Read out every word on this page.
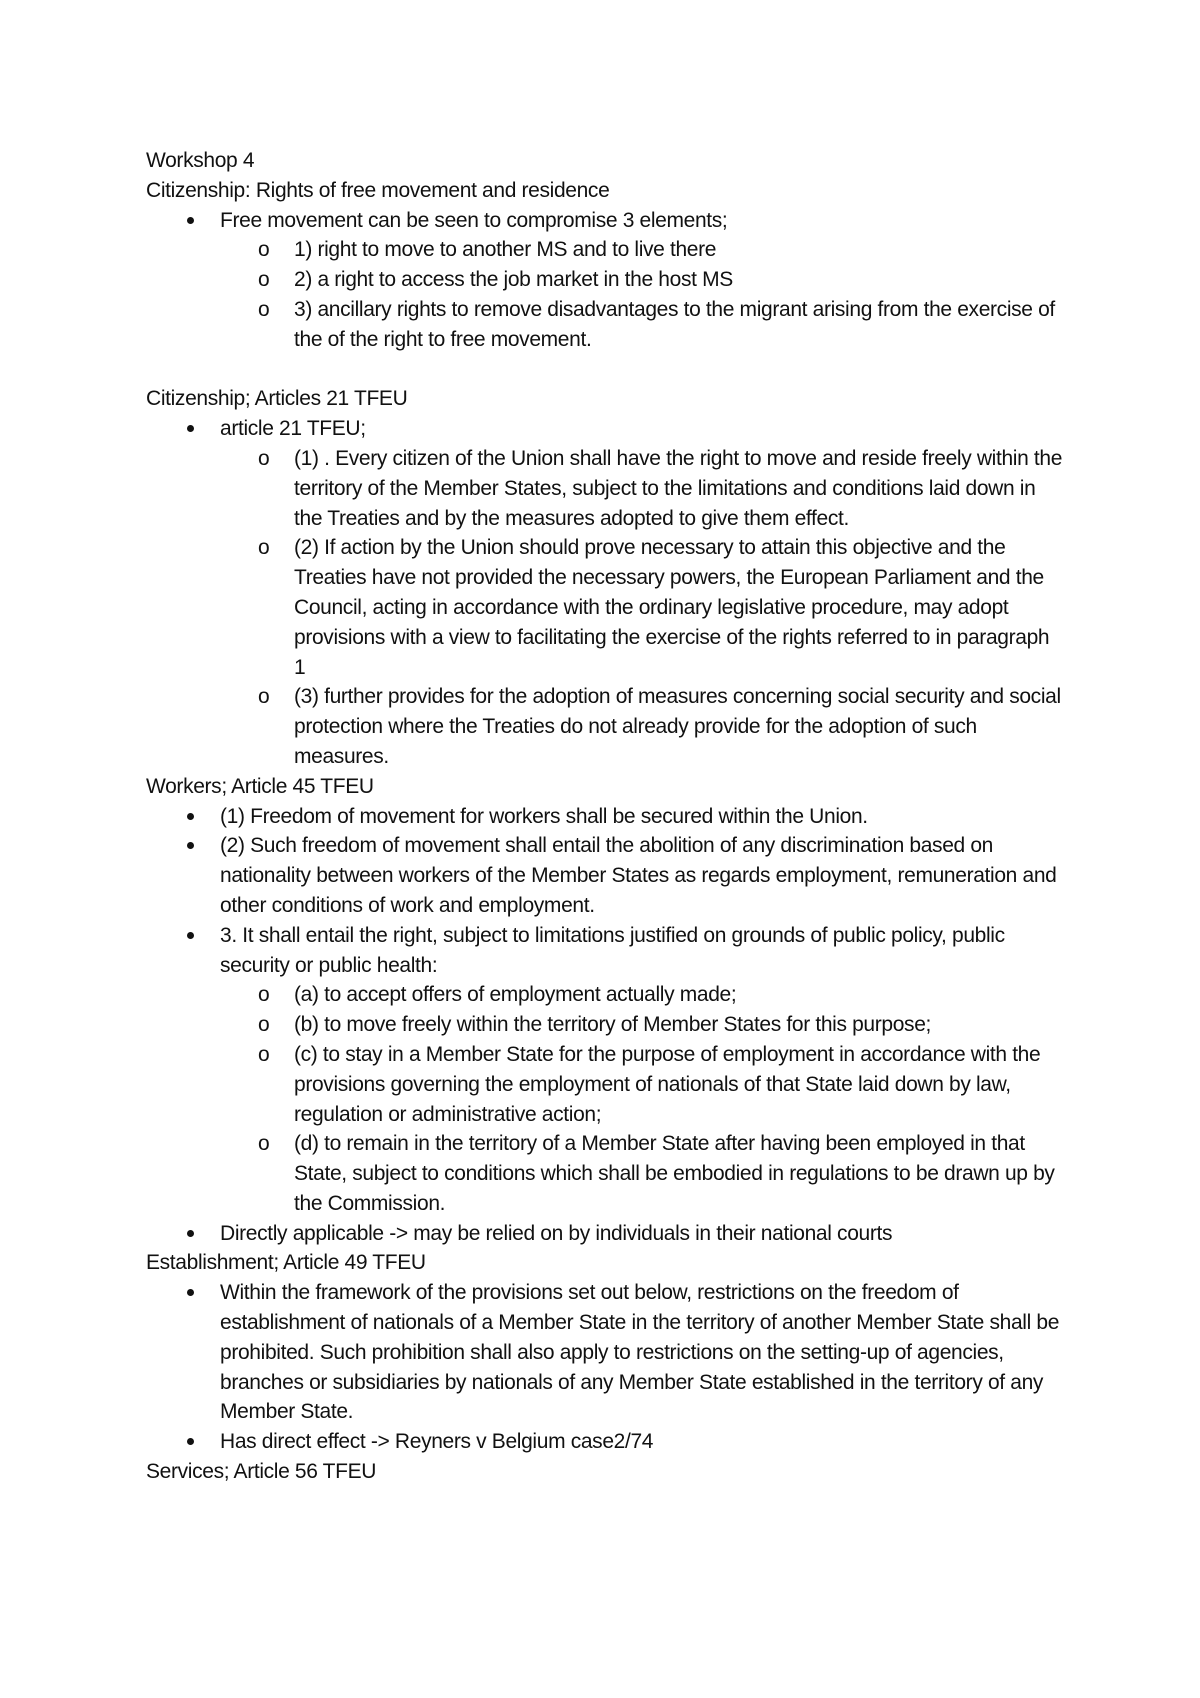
Workshop 4

Citizenship: Rights of free movement and residence

Free movement can be seen to compromise 3 elements;
o 1) right to move to another MS and to live there
o 2) a right to access the job market in the host MS
o 3) ancillary rights to remove disadvantages to the migrant arising from the exercise of the of the right to free movement.

Citizenship; Articles 21 TFEU

article 21 TFEU;
o (1) . Every citizen of the Union shall have the right to move and reside freely within the territory of the Member States, subject to the limitations and conditions laid down in the Treaties and by the measures adopted to give them effect.
o (2) If action by the Union should prove necessary to attain this objective and the Treaties have not provided the necessary powers, the European Parliament and the Council, acting in accordance with the ordinary legislative procedure, may adopt provisions with a view to facilitating the exercise of the rights referred to in paragraph 1
o (3) further provides for the adoption of measures concerning social security and social protection where the Treaties do not already provide for the adoption of such measures.

Workers; Article 45 TFEU

(1) Freedom of movement for workers shall be secured within the Union.
(2) Such freedom of movement shall entail the abolition of any discrimination based on nationality between workers of the Member States as regards employment, remuneration and other conditions of work and employment.
3. It shall entail the right, subject to limitations justified on grounds of public policy, public security or public health:
o (a) to accept offers of employment actually made;
o (b) to move freely within the territory of Member States for this purpose;
o (c) to stay in a Member State for the purpose of employment in accordance with the provisions governing the employment of nationals of that State laid down by law, regulation or administrative action;
o (d) to remain in the territory of a Member State after having been employed in that State, subject to conditions which shall be embodied in regulations to be drawn up by the Commission.
Directly applicable -> may be relied on by individuals in their national courts

Establishment; Article 49 TFEU

Within the framework of the provisions set out below, restrictions on the freedom of establishment of nationals of a Member State in the territory of another Member State shall be prohibited. Such prohibition shall also apply to restrictions on the setting-up of agencies, branches or subsidiaries by nationals of any Member State established in the territory of any Member State.
Has direct effect -> Reyners v Belgium case2/74

Services; Article 56 TFEU
